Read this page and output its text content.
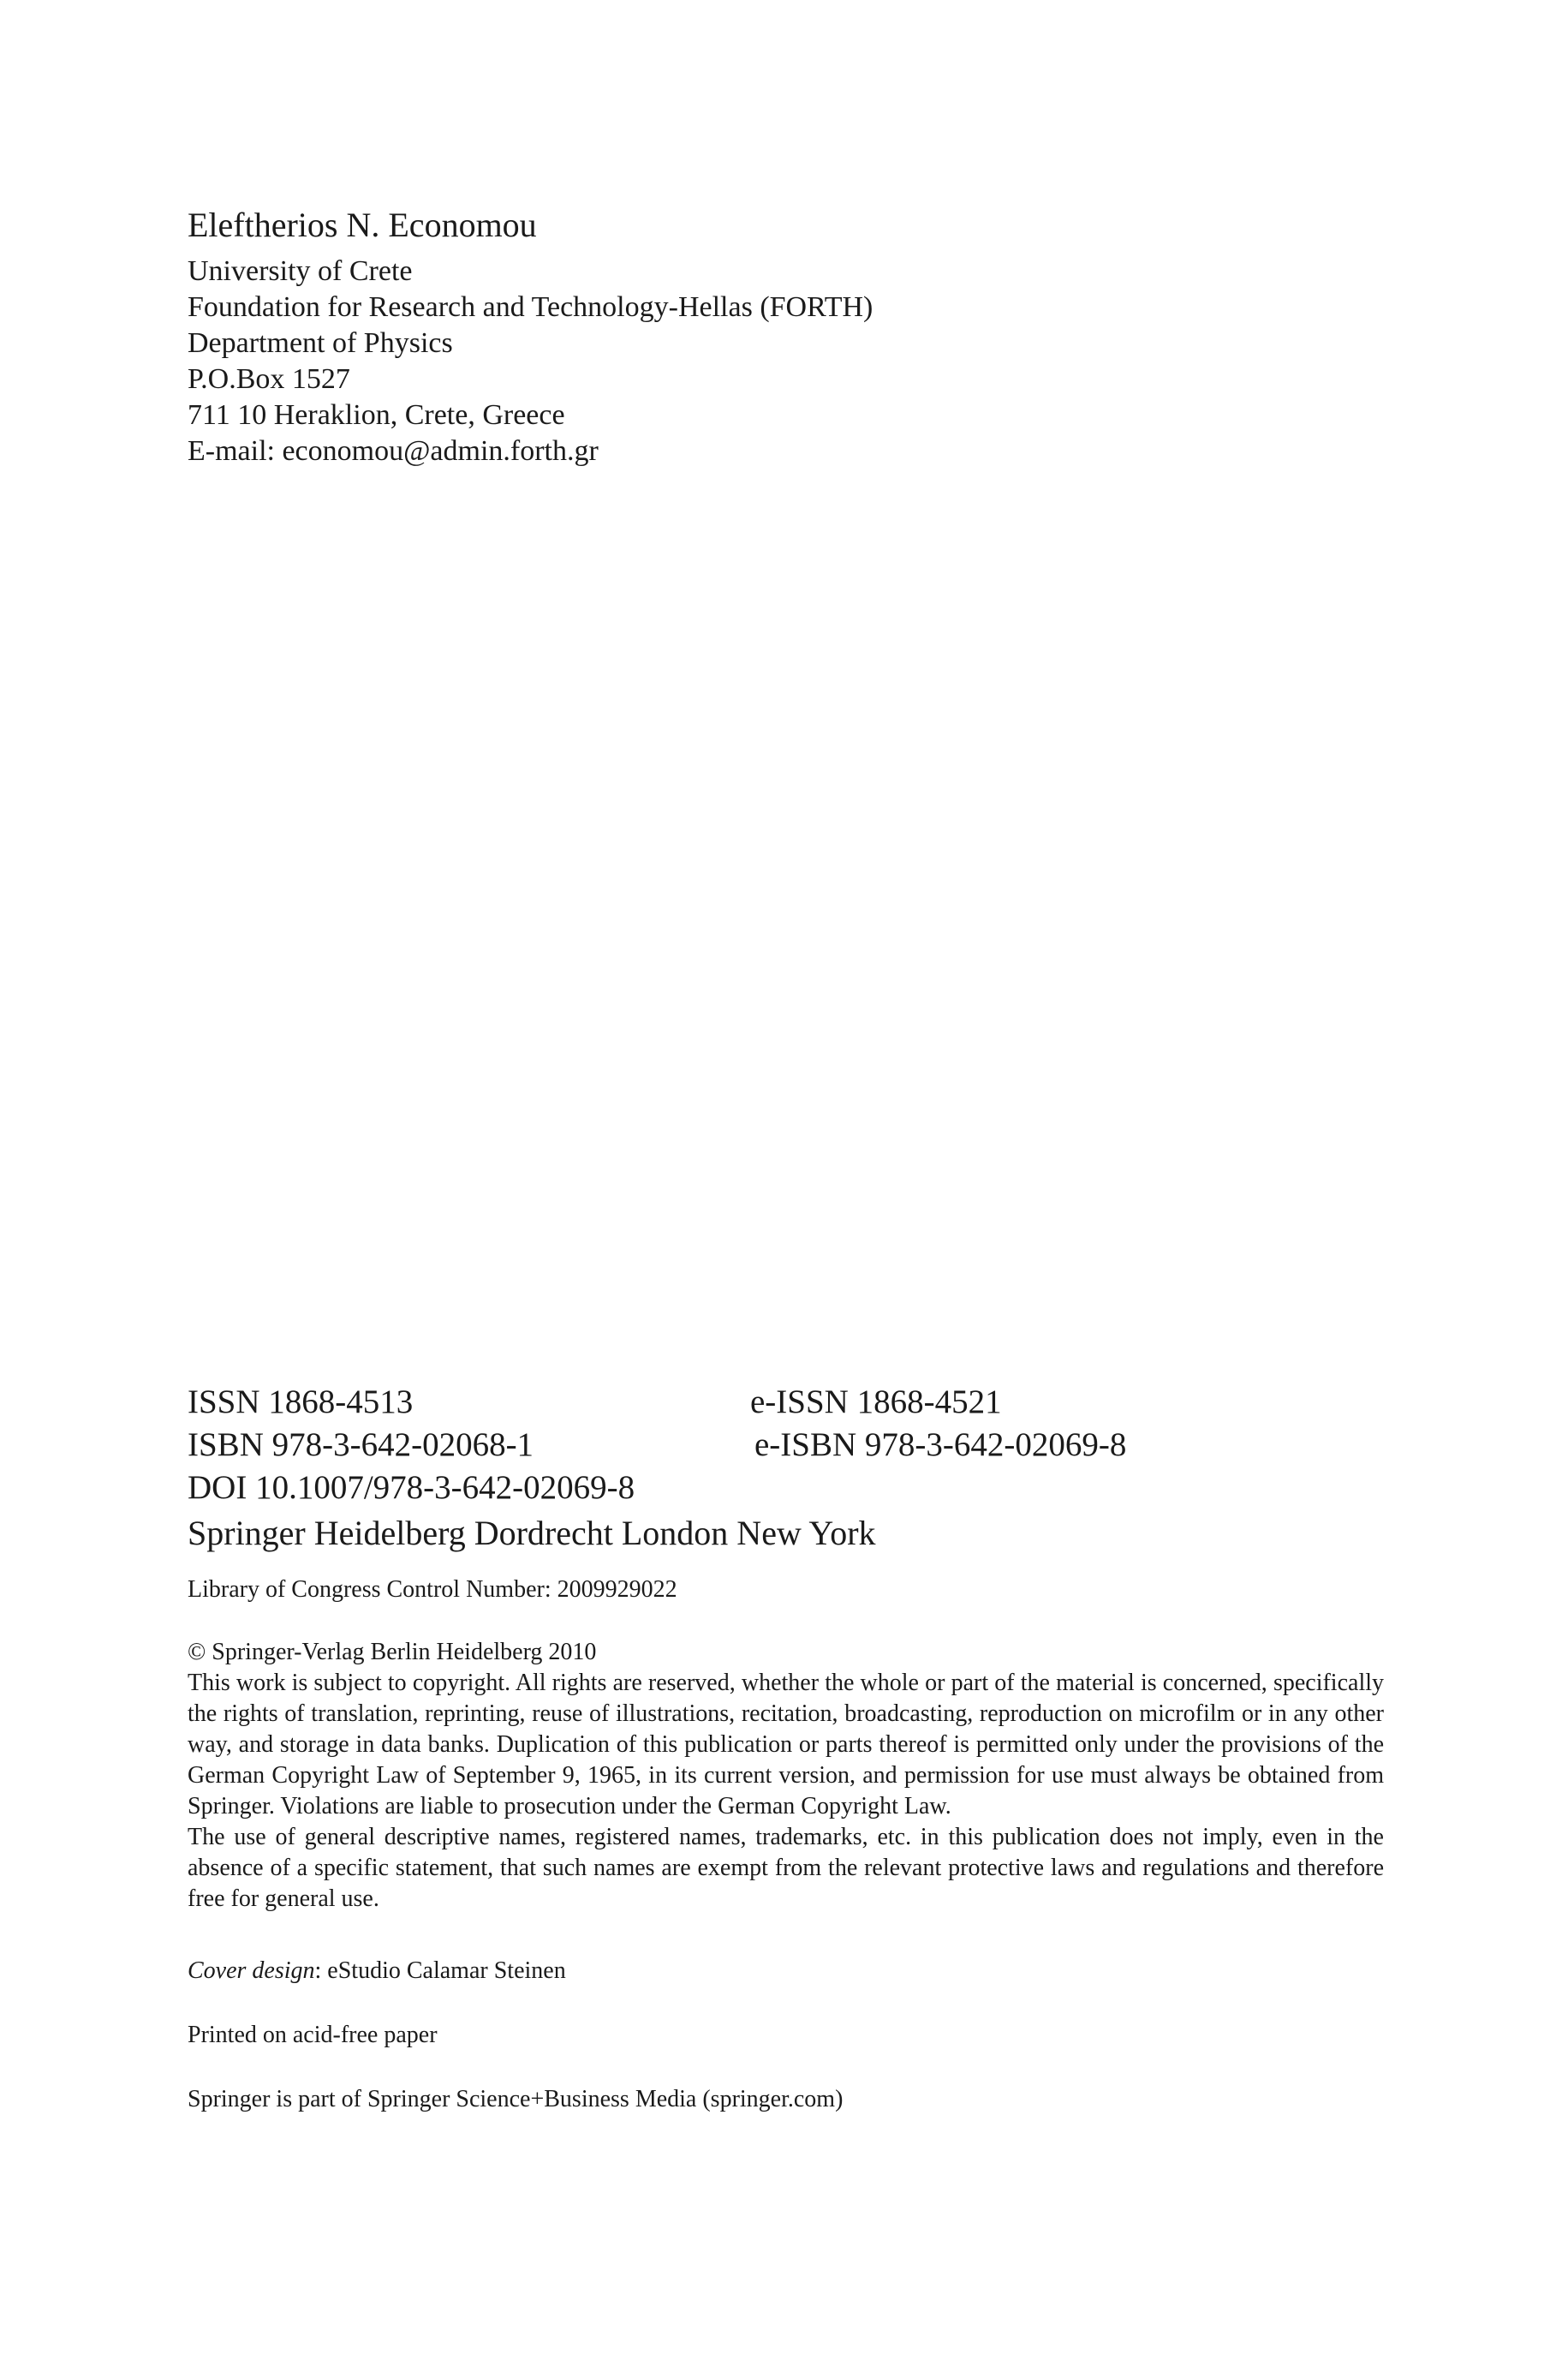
Eleftherios N. Economou
University of Crete
Foundation for Research and Technology-Hellas (FORTH)
Department of Physics
P.O.Box 1527
711 10 Heraklion, Crete, Greece
E-mail: economou@admin.forth.gr
ISSN 1868-4513	e-ISSN 1868-4521
ISBN 978-3-642-02068-1	e-ISBN 978-3-642-02069-8
DOI 10.1007/978-3-642-02069-8
Springer Heidelberg Dordrecht London New York
Library of Congress Control Number: 2009929022

© Springer-Verlag Berlin Heidelberg 2010

This work is subject to copyright. All rights are reserved, whether the whole or part of the material is concerned, specifically the rights of translation, reprinting, reuse of illustrations, recitation, broadcasting, reproduction on microfilm or in any other way, and storage in data banks. Duplication of this publication or parts thereof is permitted only under the provisions of the German Copyright Law of September 9, 1965, in its current version, and permission for use must always be obtained from Springer. Violations are liable to prosecution under the German Copyright Law.

The use of general descriptive names, registered names, trademarks, etc. in this publication does not imply, even in the absence of a specific statement, that such names are exempt from the relevant protective laws and regulations and therefore free for general use.

Cover design: eStudio Calamar Steinen
Printed on acid-free paper
Springer is part of Springer Science+Business Media (springer.com)
